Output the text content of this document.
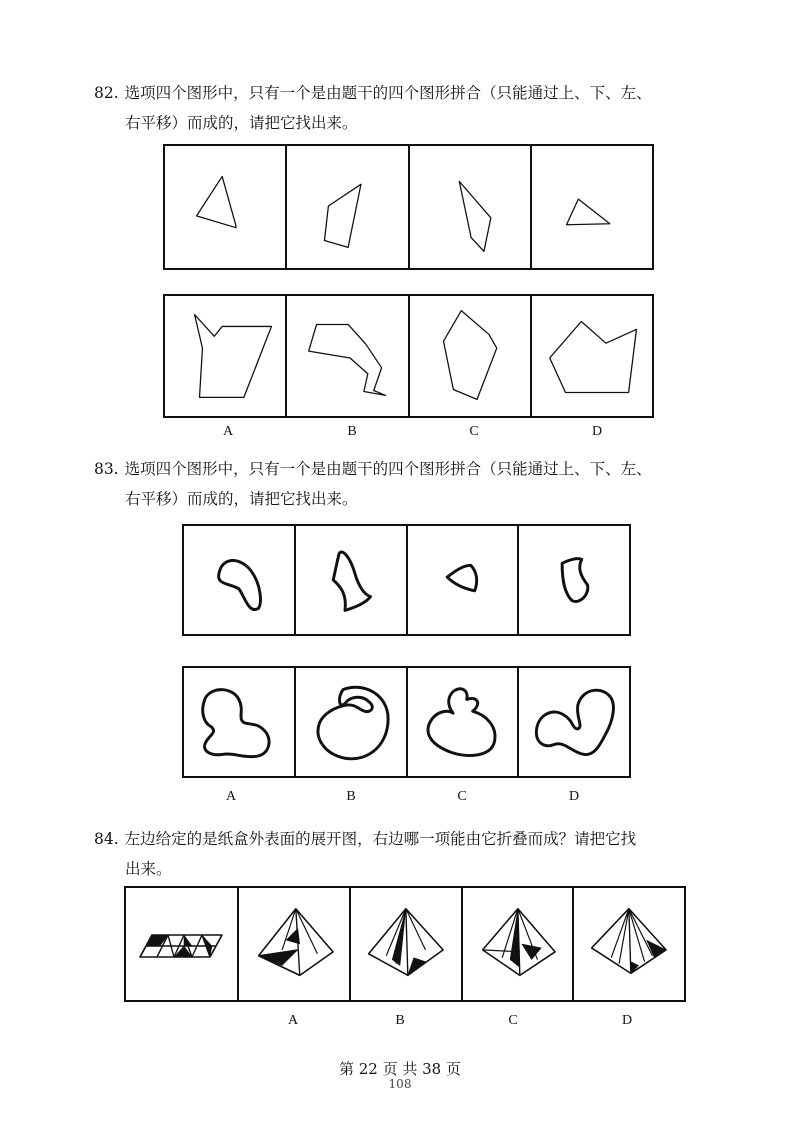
82. 选项四个图形中，只有一个是由题干的四个图形拼合（只能通过上、下、左、
右平移）而成的，请把它找出来。
A	B	C	D
83. 选项四个图形中，只有一个是由题干的四个图形拼合（只能通过上、下、左、
右平移）而成的，请把它找出来。
A	B	C	D
84. 左边给定的是纸盒外表面的展开图，右边哪一项能由它折叠而成？请把它找
出来。
A	B	C	D
第 22 页 共 38 页
108
